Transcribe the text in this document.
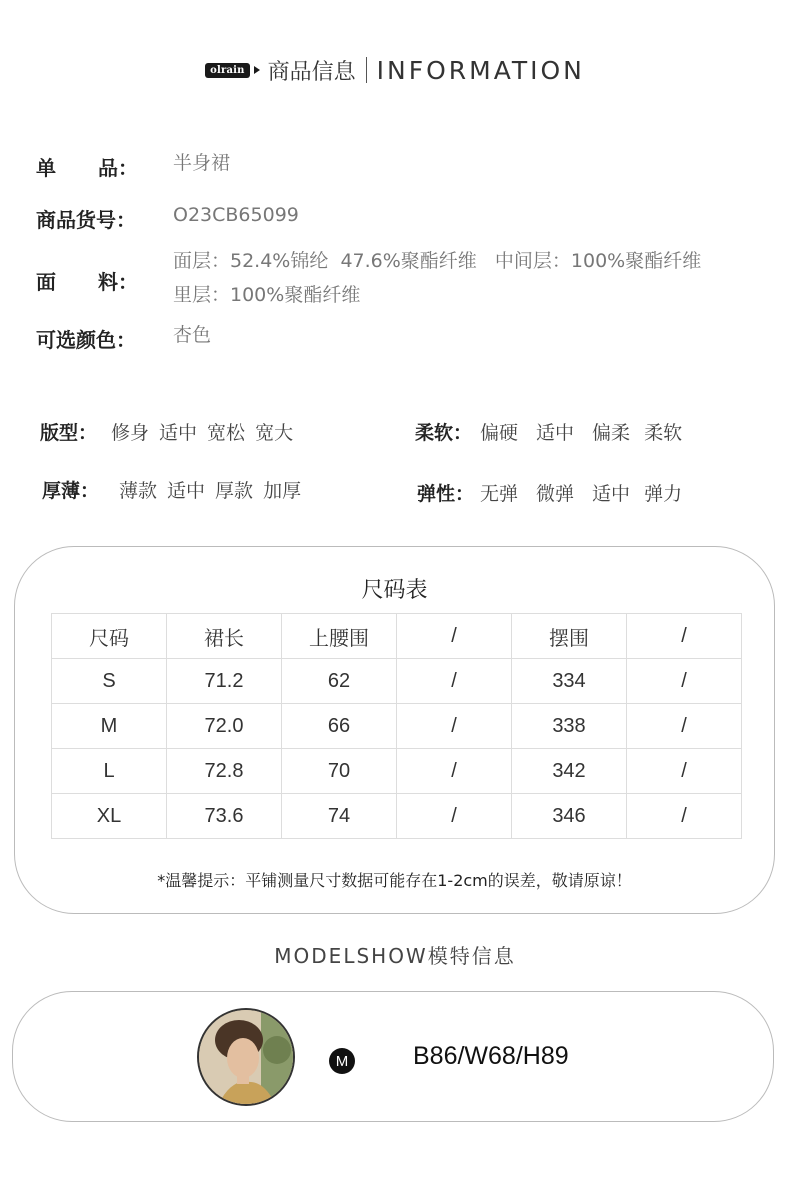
olrain 商品信息 INFORMATION
单 品： 半身裙
商品货号：	O23CB65099
面 料：
面层：52.4%锦纶  47.6%聚酯纤维   中间层：100%聚酯纤维
里层：100%聚酯纤维
可选颜色：	杏色
版型： 修身 适中 宽松 宽大	柔软： 偏硬 适中 偏柔 柔软
厚薄： 薄款 适中 厚款 加厚	弹性： 无弹 微弹 适中 弹力
尺码表
尺码	裙长	上腰围	/	摆围	/
S	71.2	62	/	334	/
M	72.0	66	/	338	/
L	72.8	70	/	342	/
XL	73.6	74	/	346	/
*温馨提示：平铺测量尺寸数据可能存在1-2cm的误差，敬请原谅！
MODELSHOW模特信息
M	B86/W68/H89
